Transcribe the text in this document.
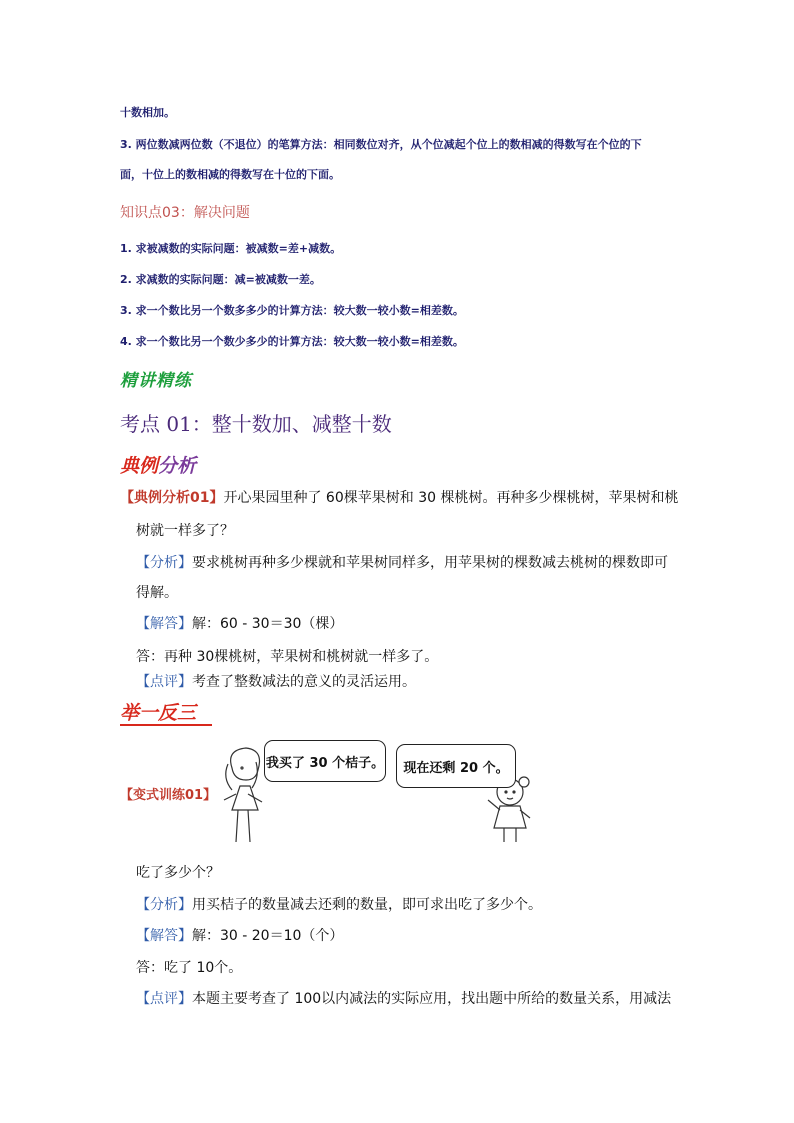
十数相加。
3. 两位数减两位数（不退位）的笔算方法：相同数位对齐，从个位减起个位上的数相减的得数写在个位的下
面，十位上的数相减的得数写在十位的下面。
知识点03：解决问题
1. 求被减数的实际问题：被减数=差+减数。
2. 求减数的实际问题：减=被减数一差。
3. 求一个数比另一个数多多少的计算方法：较大数一较小数=相差数。
4. 求一个数比另一个数少多少的计算方法：较大数一较小数=相差数。
精讲精练
考点 01：整十数加、减整十数
典例分析
【典例分析01】开心果园里种了 60棵苹果树和 30 棵桃树。再种多少棵桃树，苹果树和桃
树就一样多了？
【分析】要求桃树再种多少棵就和苹果树同样多，用苹果树的棵数减去桃树的棵数即可
得解。
【解答】解：60 - 30＝30（棵）
答：再种 30棵桃树，苹果树和桃树就一样多了。
【点评】考查了整数减法的意义的灵活运用。
举一反三
【变式训练01】
我买了 30 个桔子。 现在还剩 20 个。
吃了多少个？
【分析】用买桔子的数量减去还剩的数量，即可求出吃了多少个。
【解答】解：30 - 20＝10（个）
答：吃了 10个。
【点评】本题主要考查了 100以内减法的实际应用，找出题中所给的数量关系，用减法
